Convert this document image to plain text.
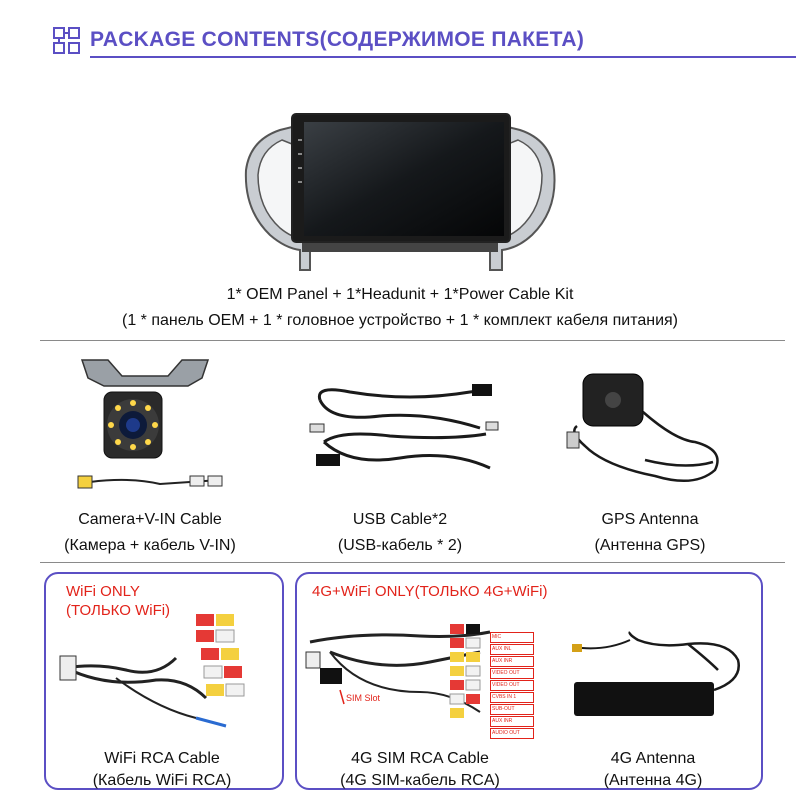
PACKAGE CONTENTS(СОДЕРЖИМОЕ ПАКЕТА)
1* OEM Panel + 1*Headunit + 1*Power Cable Kit
(1 * панель OEM + 1 * головное устройство + 1 * комплект кабеля питания)
Camera+V-IN Cable
(Камера + кабель V-IN)
USB Cable*2
(USB-кабель * 2)
GPS Antenna
(Антенна GPS)
WiFi ONLY
(ТОЛЬКО WiFi)
4G+WiFi ONLY(ТОЛЬКО 4G+WiFi)
SIM Slot
MIC
AUX INL
AUX INR
VIDEO OUT
VIDEO OUT
CVBS IN 1
SUB-OUT
AUX INR
AUDIO OUT
WiFi RCA Cable
(Кабель WiFi RCA)
4G SIM RCA Cable
(4G SIM-кабель RCA)
4G Antenna
(Антенна 4G)
